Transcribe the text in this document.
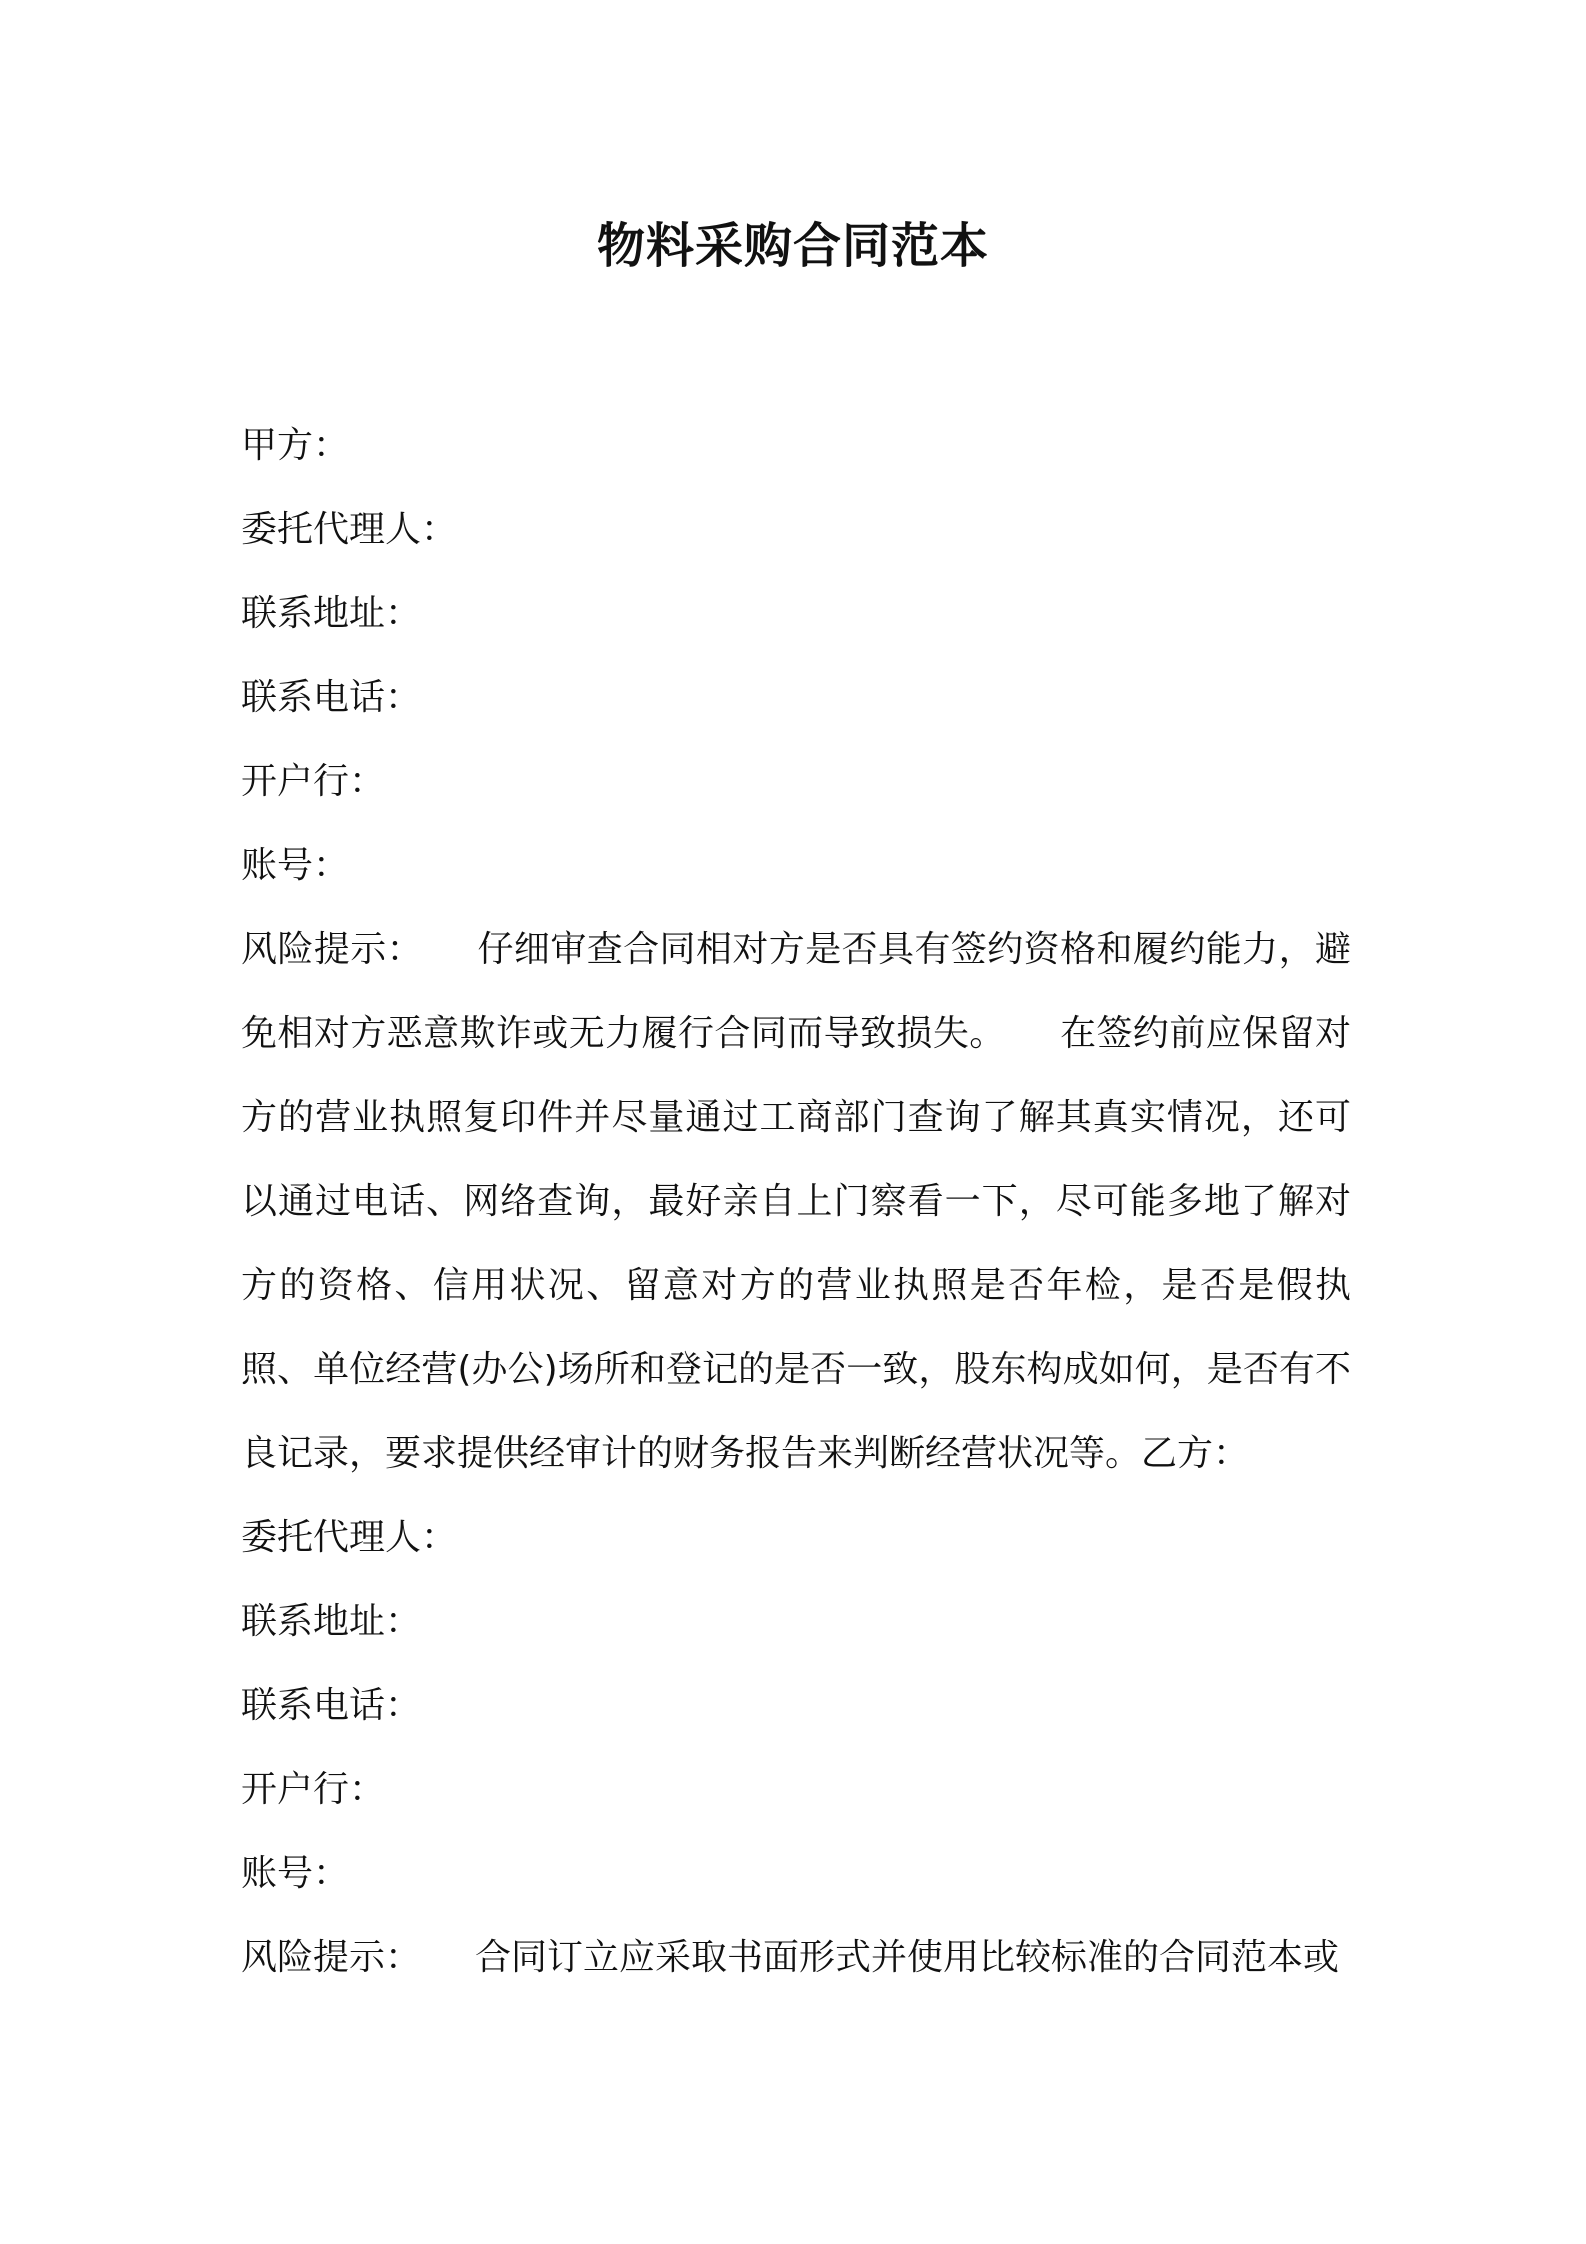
物料采购合同范本
甲方：
委托代理人：
联系地址：
联系电话：
开户行：
账号：
风险提示： 仔细审查合同相对方是否具有签约资格和履约能力，避免相对方恶意欺诈或无力履行合同而导致损失。 在签约前应保留对方的营业执照复印件并尽量通过工商部门查询了解其真实情况，还可以通过电话、网络查询，最好亲自上门察看一下，尽可能多地了解对方的资格、信用状况、留意对方的营业执照是否年检，是否是假执照、单位经营(办公)场所和登记的是否一致，股东构成如何，是否有不良记录，要求提供经审计的财务报告来判断经营状况等。乙方：
委托代理人：
联系地址：
联系电话：
开户行：
账号：
风险提示： 合同订立应采取书面形式并使用比较标准的合同范本或
